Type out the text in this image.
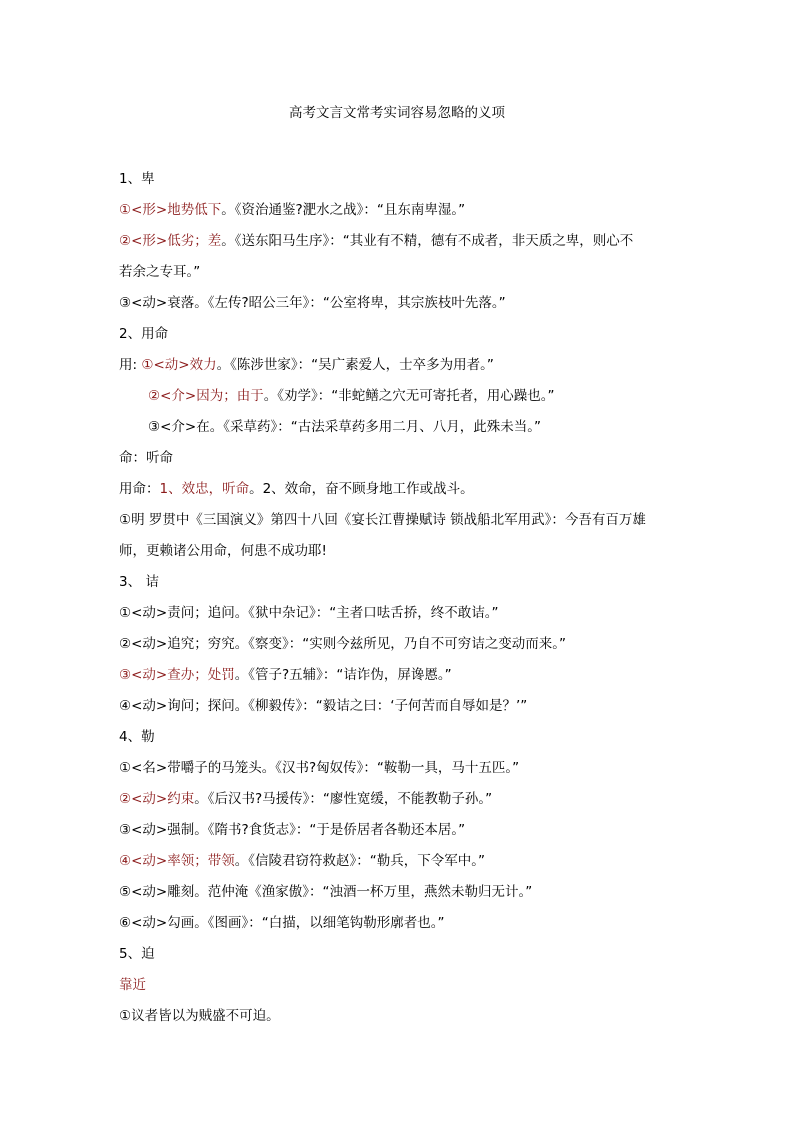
高考文言文常考实词容易忽略的义项
1、卑
①<形>地势低下。《资治通鉴?淝水之战》：“且东南卑湿。”
②<形>低劣；差。《送东阳马生序》：“其业有不精，德有不成者，非天质之卑，则心不
若余之专耳。”
③<动>衰落。《左传?昭公三年》：“公室将卑，其宗族枝叶先落。”
2、用命
用: ①<动>效力。《陈涉世家》：“吴广素爱人，士卒多为用者。”
②<介>因为；由于。《劝学》：“非蛇鳝之穴无可寄托者，用心躁也。”
③<介>在。《采草药》：“古法采草药多用二月、八月，此殊未当。”
命：听命
用命：1、效忠，听命。2、效命，奋不顾身地工作或战斗。
①明 罗贯中《三国演义》第四十八回《宴长江曹操赋诗 锁战船北军用武》：今吾有百万雄
师，更赖诸公用命，何患不成功耶!
3、 诘
①<动>责问；追问。《狱中杂记》：“主者口呿舌挢，终不敢诘。”
②<动>追究；穷究。《察变》：“实则今兹所见，乃自不可穷诘之变动而来。”
③<动>查办；处罚。《管子?五辅》：“诘诈伪，屏谗慝。”
④<动>询问；探问。《柳毅传》：“毅诘之曰：‘子何苦而自辱如是？’”
4、勒
①<名>带嚼子的马笼头。《汉书?匈奴传》：“鞍勒一具，马十五匹。”
②<动>约束。《后汉书?马援传》：“廖性宽缓，不能教勒子孙。”
③<动>强制。《隋书?食货志》：“于是侨居者各勒还本居。”
④<动>率领；带领。《信陵君窃符救赵》：“勒兵，下令军中。”
⑤<动>雕刻。范仲淹《渔家傲》：“浊酒一杯万里，燕然未勒归无计。”
⑥<动>勾画。《图画》：“白描，以细笔钩勒形廓者也。”
5、迫
靠近
①议者皆以为贼盛不可迫。
